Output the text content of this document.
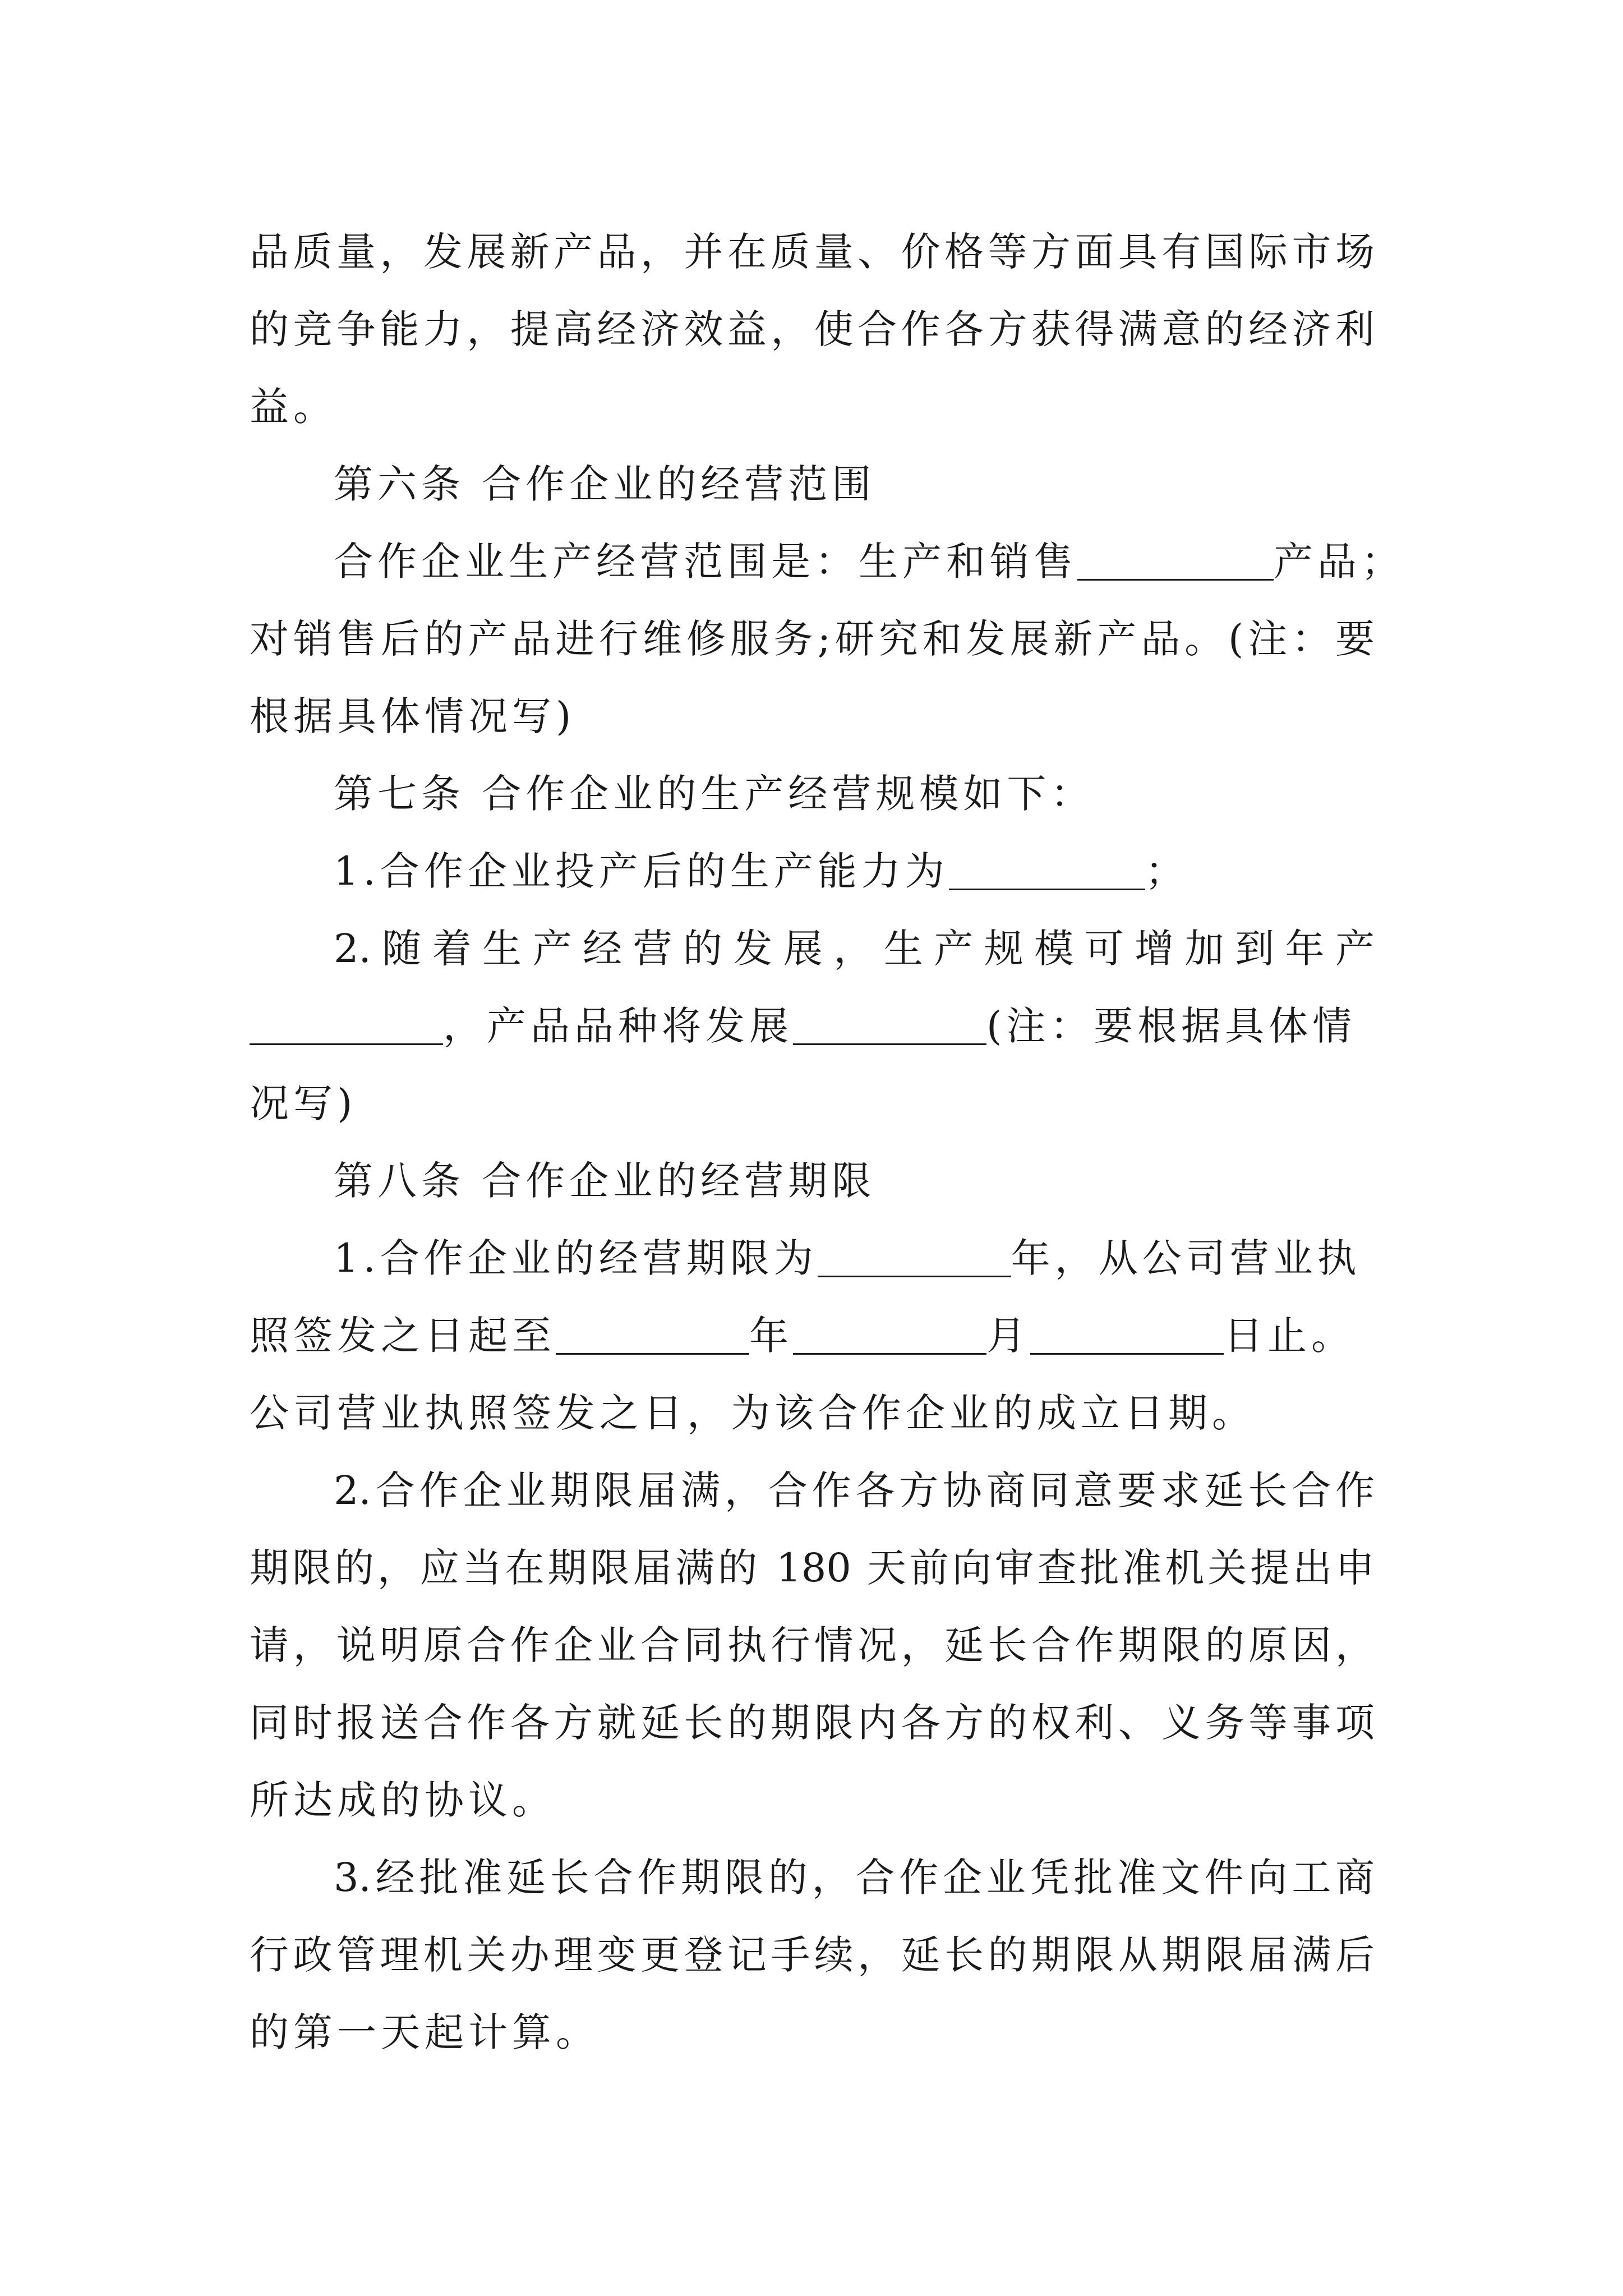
品质量，发展新产品，并在质量、价格等方面具有国际市场
的竞争能力，提高经济效益，使合作各方获得满意的经济利
益。
第六条 合作企业的经营范围
合作企业生产经营范围是：生产和销售	产品；
对销售后的产品进行维修服务;研究和发展新产品。(注：要
根据具体情况写)
第七条 合作企业的生产经营规模如下：
1.合作企业投产后的生产能力为	；
2.随着生产经营的发展，生产规模可增加到年产
，产品品种将发展	(注：要根据具体情
况写)
第八条 合作企业的经营期限
1.合作企业的经营期限为	年，从公司营业执
照签发之日起至	年	月	日止。
公司营业执照签发之日，为该合作企业的成立日期。
2.合作企业期限届满，合作各方协商同意要求延长合作
期限的，应当在期限届满的 180 天前向审查批准机关提出申
请，说明原合作企业合同执行情况，延长合作期限的原因，
同时报送合作各方就延长的期限内各方的权利、义务等事项
所达成的协议。
3.经批准延长合作期限的，合作企业凭批准文件向工商
行政管理机关办理变更登记手续，延长的期限从期限届满后
的第一天起计算。
